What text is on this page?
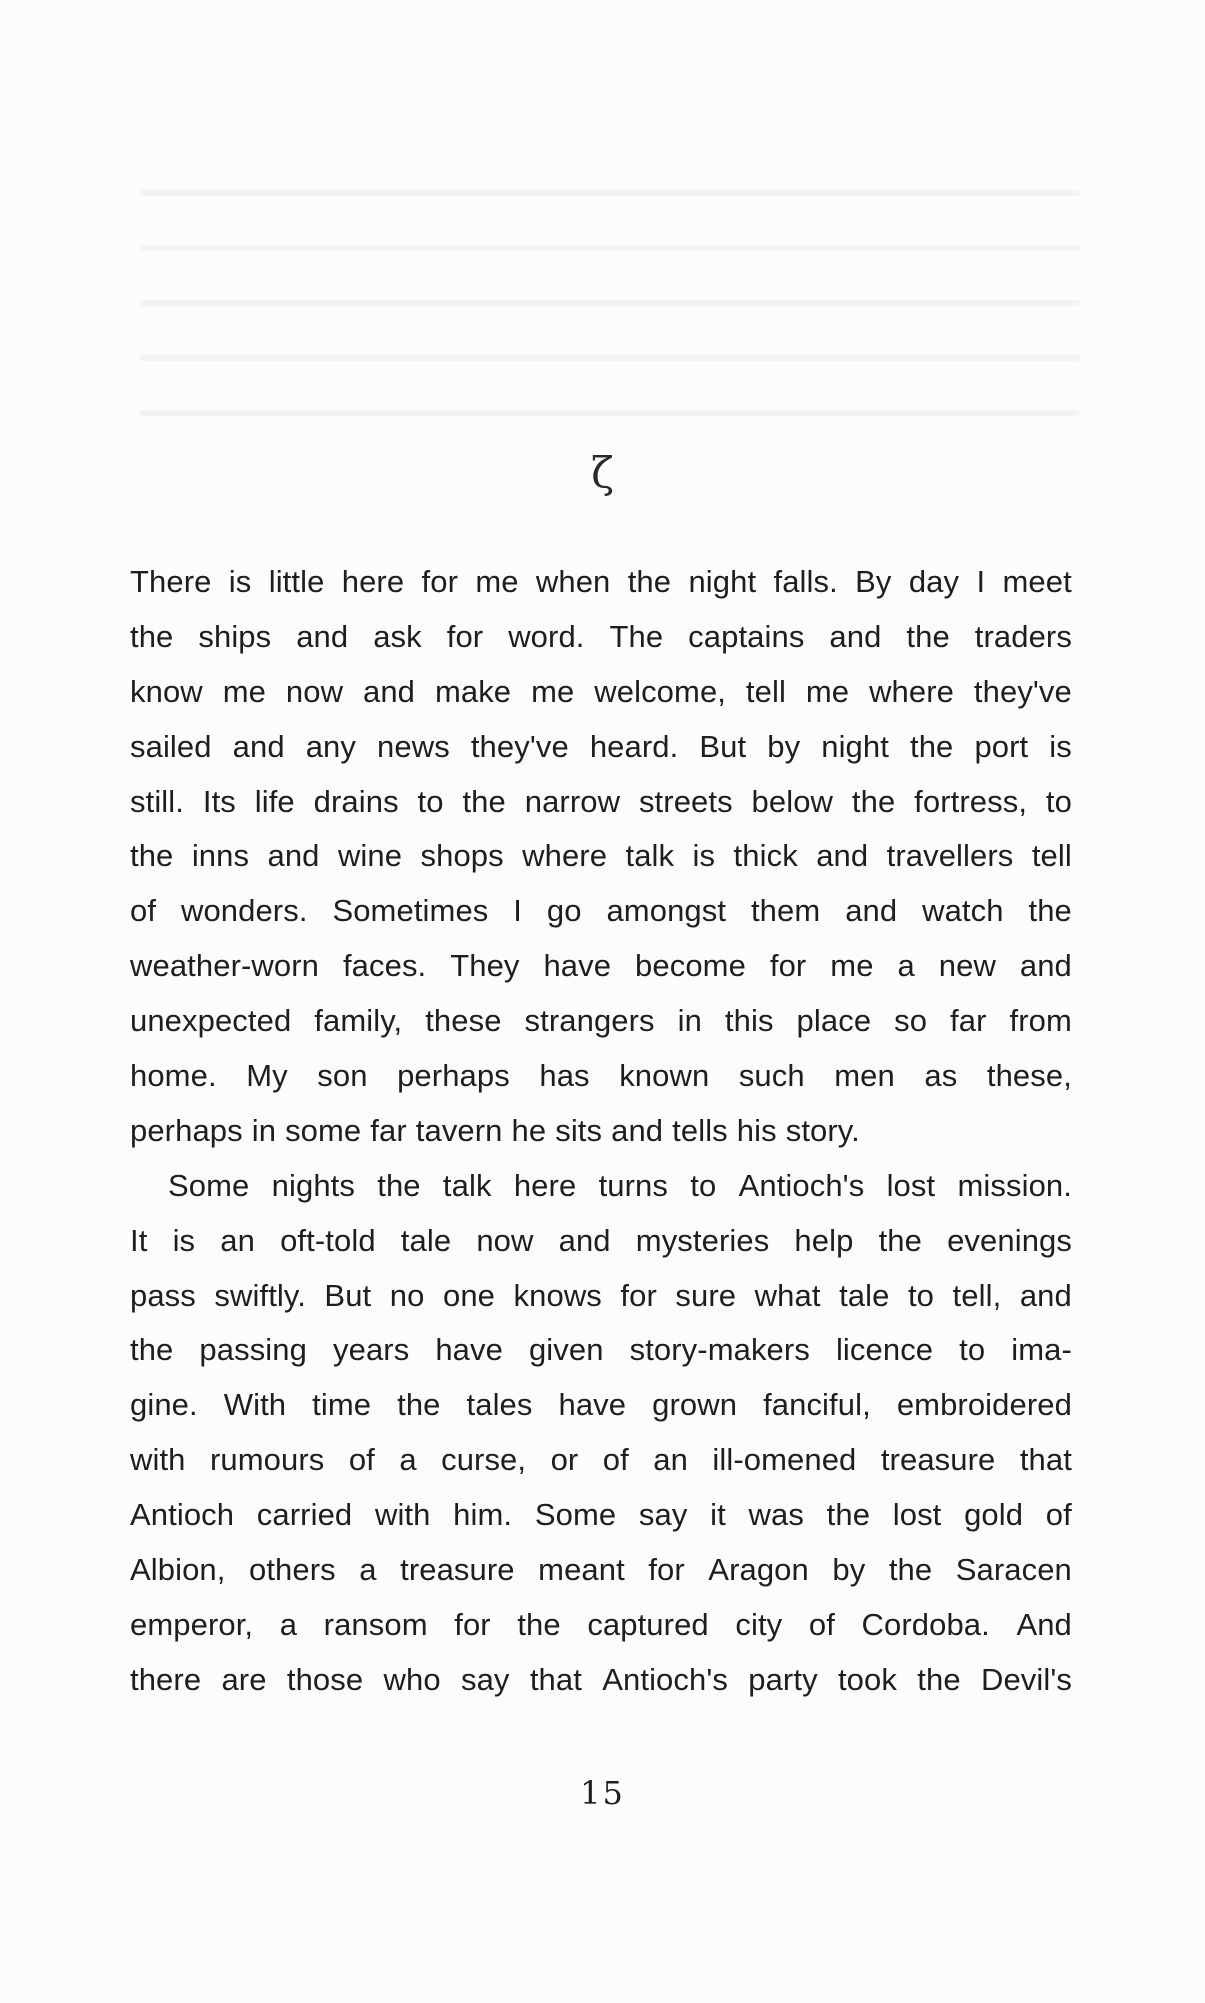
ζ
There is little here for me when the night falls. By day I meet
the ships and ask for word. The captains and the traders
know me now and make me welcome, tell me where they've
sailed and any news they've heard. But by night the port is
still. Its life drains to the narrow streets below the fortress, to
the inns and wine shops where talk is thick and travellers tell
of wonders. Sometimes I go amongst them and watch the
weather-worn faces. They have become for me a new and
unexpected family, these strangers in this place so far from
home. My son perhaps has known such men as these,
perhaps in some far tavern he sits and tells his story.
Some nights the talk here turns to Antioch's lost mission.
It is an oft-told tale now and mysteries help the evenings
pass swiftly. But no one knows for sure what tale to tell, and
the passing years have given story-makers licence to ima-
gine. With time the tales have grown fanciful, embroidered
with rumours of a curse, or of an ill-omened treasure that
Antioch carried with him. Some say it was the lost gold of
Albion, others a treasure meant for Aragon by the Saracen
emperor, a ransom for the captured city of Cordoba. And
there are those who say that Antioch's party took the Devil's
15
